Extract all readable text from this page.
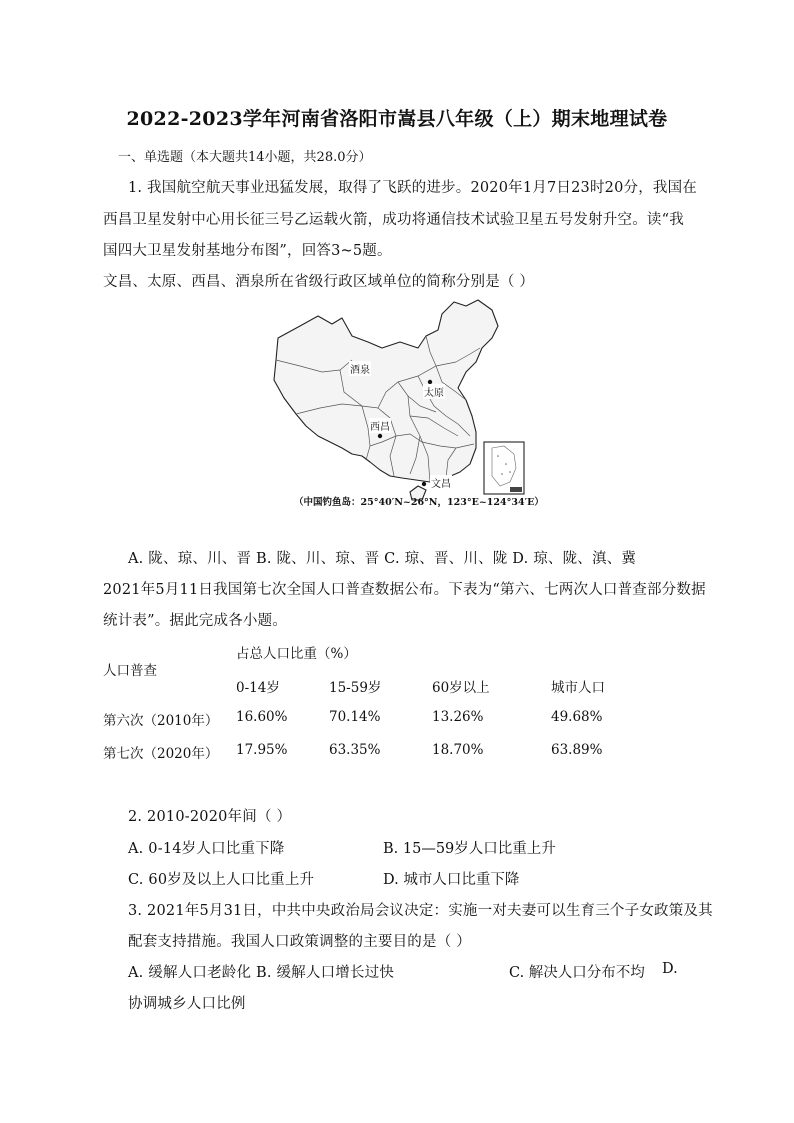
2022-2023学年河南省洛阳市嵩县八年级（上）期末地理试卷
一、单选题（本大题共14小题，共28.0分）
1. 我国航空航天事业迅猛发展，取得了飞跃的进步。2020年1月7日23时20分，我国在
西昌卫星发射中心用长征三号乙运载火箭，成功将通信技术试验卫星五号发射升空。读“我
国四大卫星发射基地分布图”，回答3~5题。
文昌、太原、西昌、酒泉所在省级行政区域单位的简称分别是（ ）
酒泉
太原
西昌
文昌
（中国钓鱼岛：25°40′N~26°N，123°E~124°34′E）
A. 陇、琼、川、晋 B. 陇、川、琼、晋 C. 琼、晋、川、陇 D. 琼、陇、滇、冀
2021年5月11日我国第七次全国人口普查数据公布。下表为“第六、七两次人口普查部分数据
统计表”。据此完成各小题。
占总人口比重（%）
人口普查
0-14岁	15-59岁	60岁以上	城市人口
第六次（2010年） 16.60%	70.14%	13.26%	49.68%
第七次（2020年） 17.95%	63.35%	18.70%	63.89%
2. 2010-2020年间（ ）
A. 0-14岁人口比重下降	B. 15—59岁人口比重上升
C. 60岁及以上人口比重上升	D. 城市人口比重下降
3. 2021年5月31日，中共中央政治局会议决定：实施一对夫妻可以生育三个子女政策及其
配套支持措施。我国人口政策调整的主要目的是（ ）
A. 缓解人口老龄化 B. 缓解人口增长过快	C. 解决人口分布不均 D.
协调城乡人口比例
